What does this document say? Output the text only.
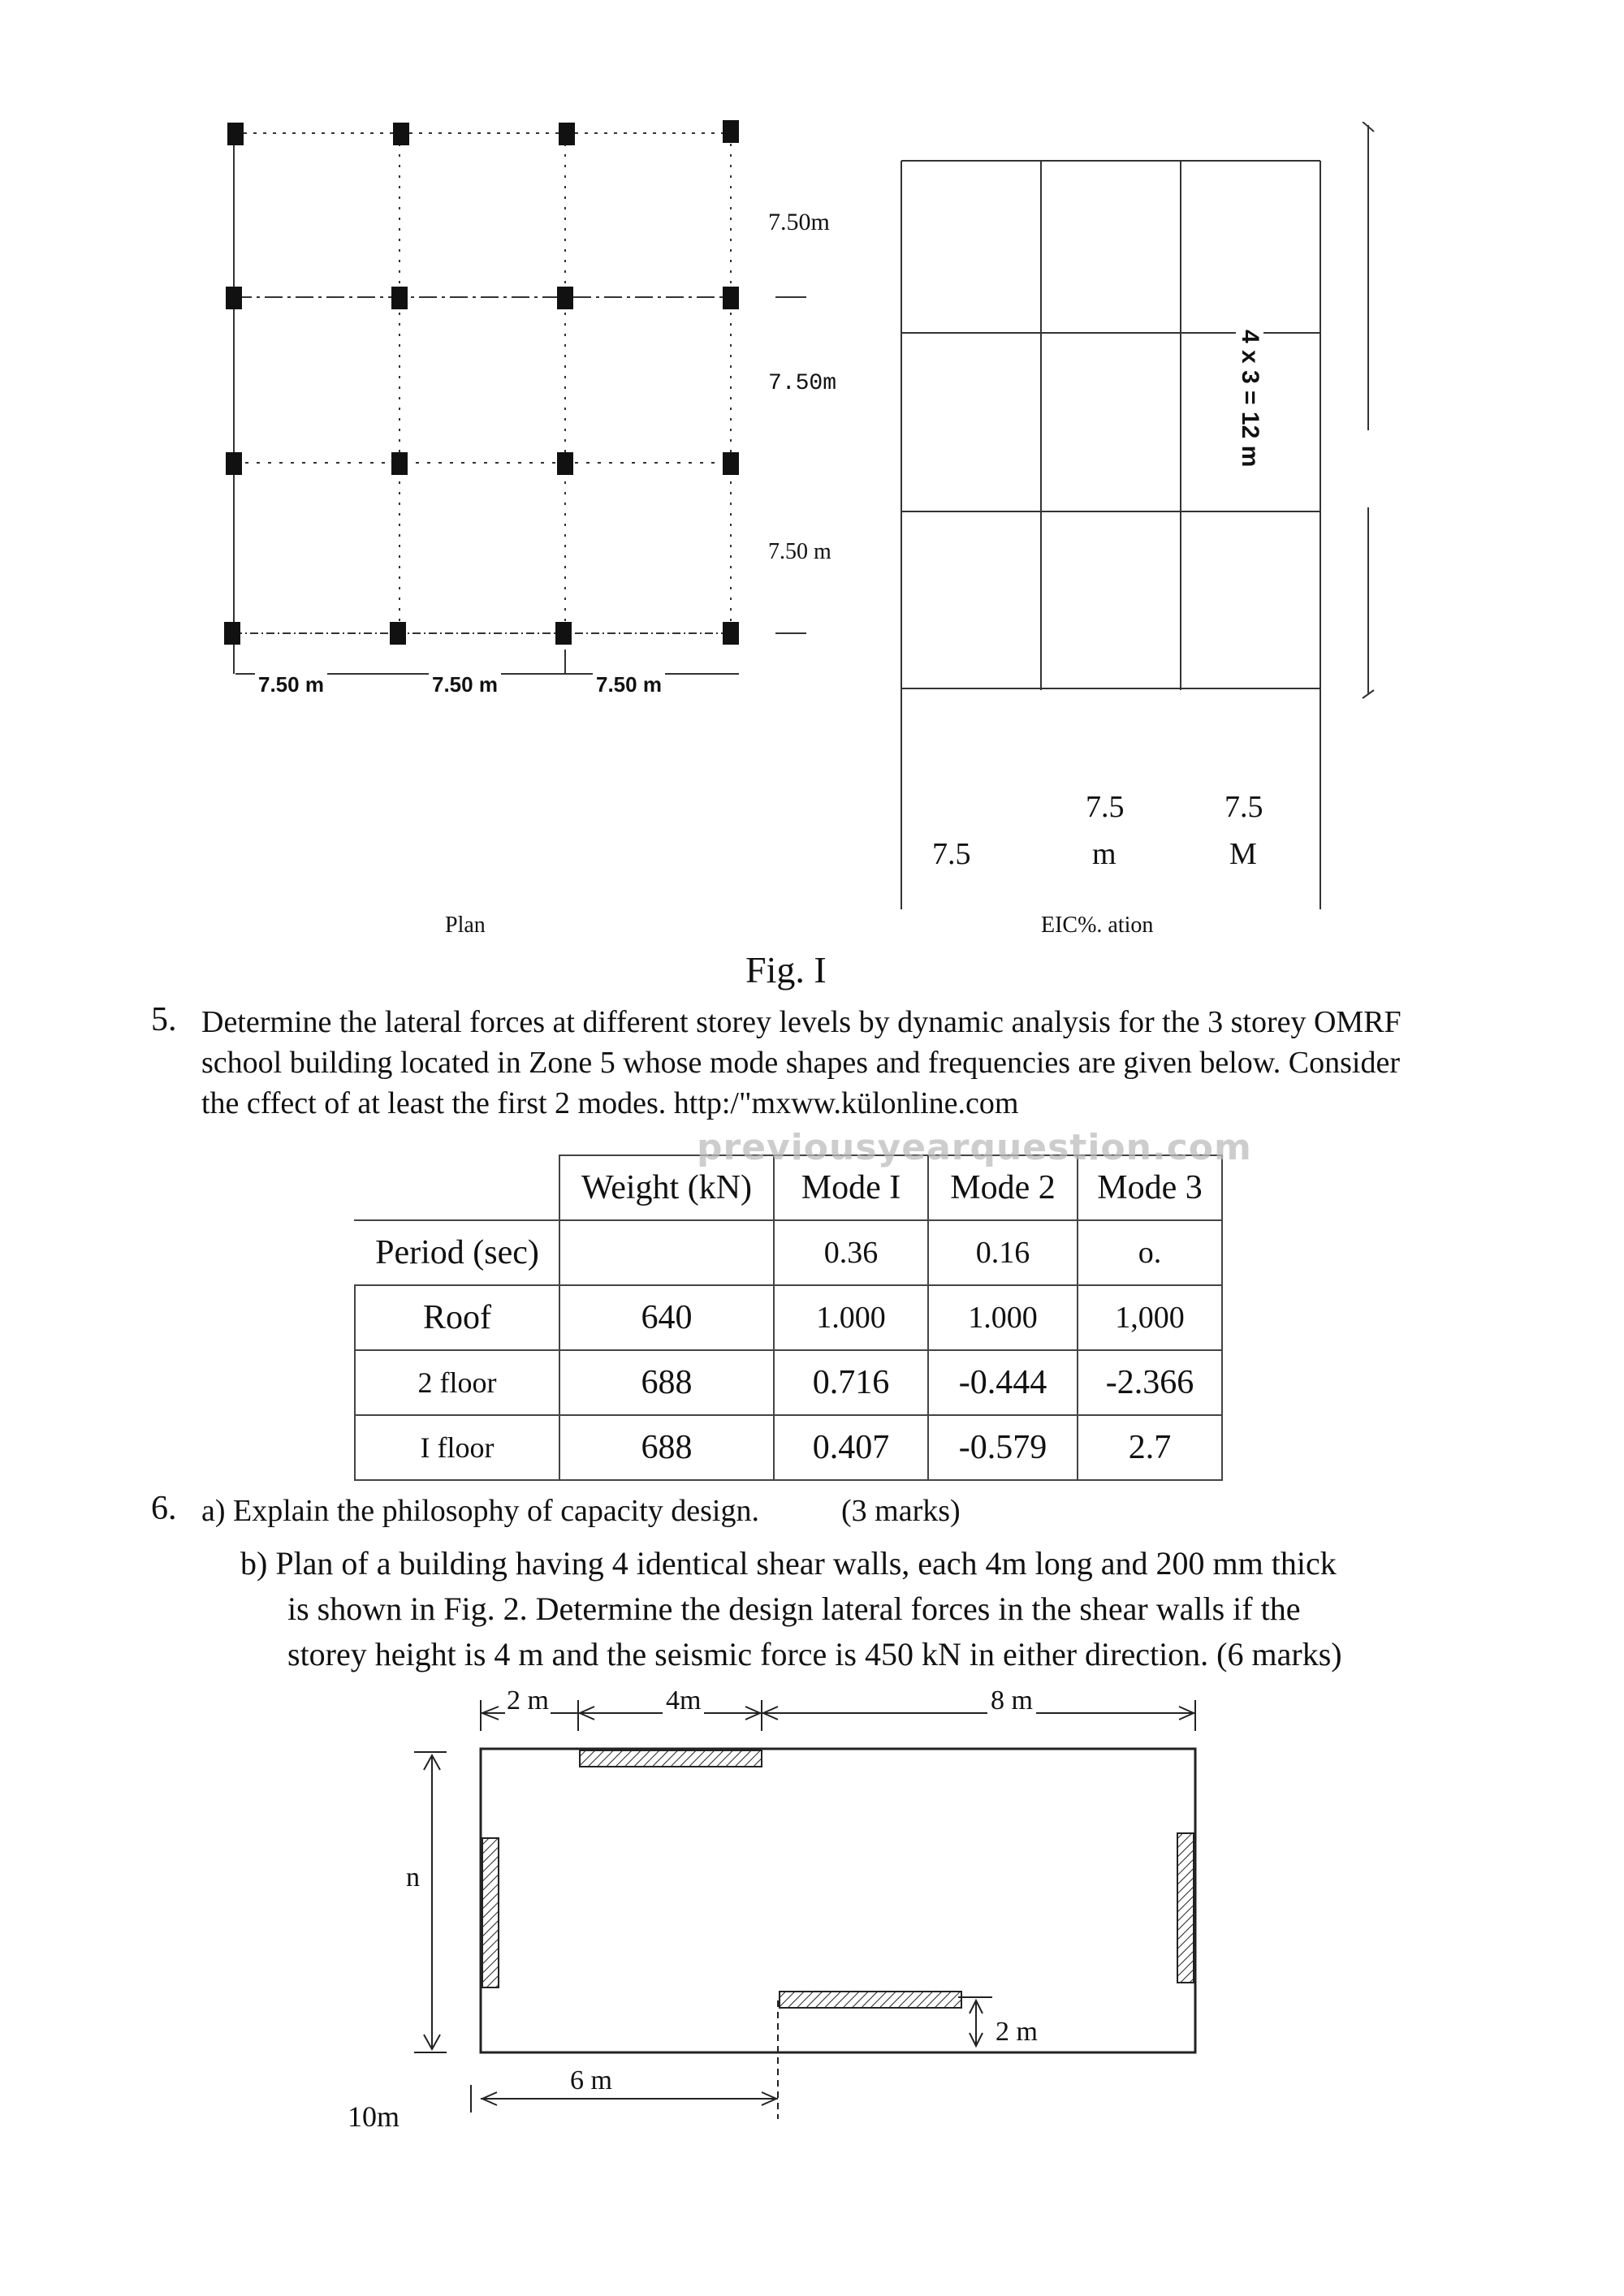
7.50 m	7.50 m	7.50 m
7.50m
7.50m
7.50 m
Plan
4 x 3 = 12 m
7.5
7.5
m
7.5
M
EIC%. ation
Fig. I
5. Determine the lateral forces at different storey levels by dynamic analysis for the 3 storey OMRF
school building located in Zone 5 whose mode shapes and frequencies are given below. Consider
the cffect of at least the first 2 modes. http:/"mxww.külonline.com
	Weight (kN)	Mode I	Mode 2	Mode 3
Period (sec)		0.36	0.16	o.
Roof	640	1.000	1.000	1,000
2 floor	688	0.716	-0.444	-2.366
I floor	688	0.407	-0.579	2.7
previousyearquestion.com
6. a) Explain the philosophy of capacity design.	(3 marks)
b) Plan of a building having 4 identical shear walls, each 4m long and 200 mm thick
is shown in Fig. 2. Determine the design lateral forces in the shear walls if the
storey height is 4 m and the seismic force is 450 kN in either direction. (6 marks)
2 m	4m	8 m
n
2 m
6 m
10m
